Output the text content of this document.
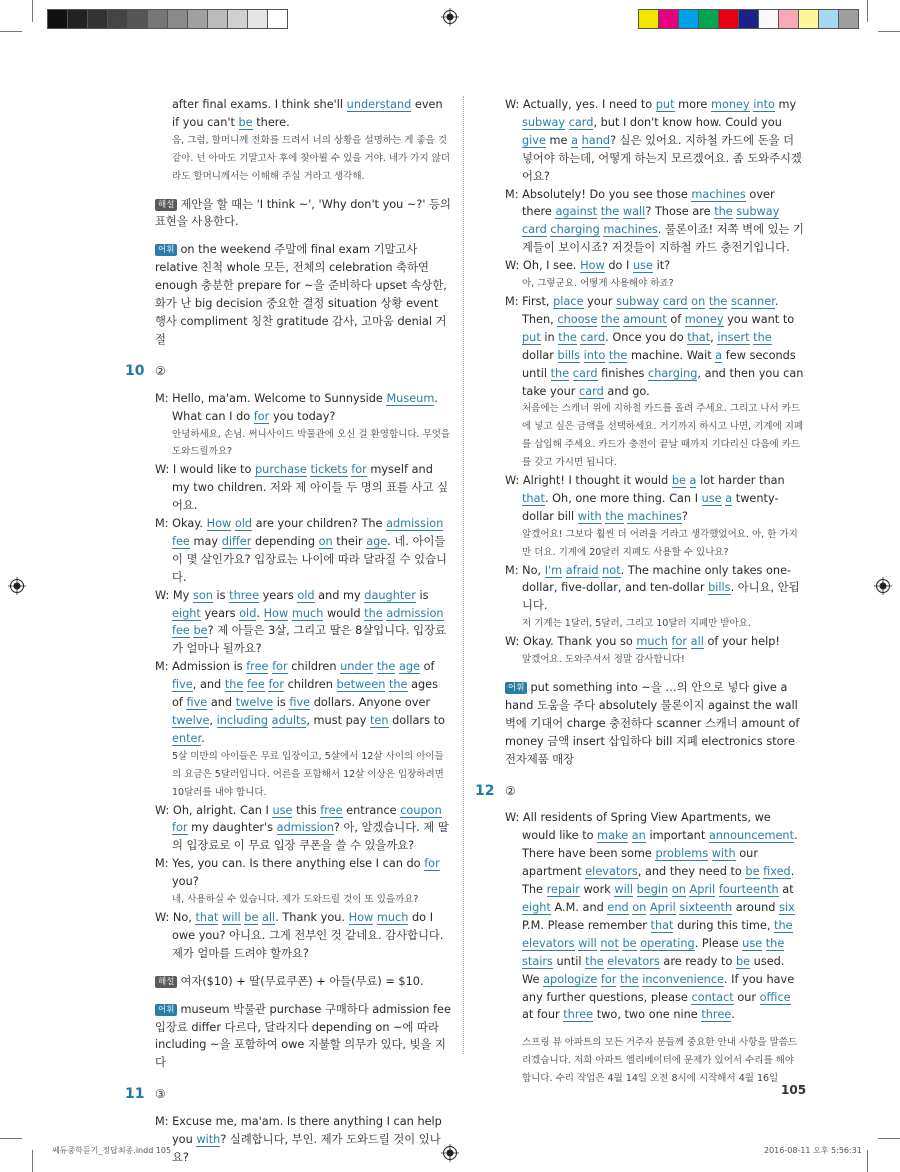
after final exams. I think she'll understand even if you can't be there.

음, 그럼, 할머니께 전화를 드려서 너의 상황을 설명하는 게 좋을 것 같아. 넌 아마도 기말고사 후에 찾아뵐 수 있을 거야. 네가 가지 않더라도 할머니께서는 이해해 주실 거라고 생각해.

해설 제안을 할 때는 'I think ~', 'Why don't you ~?' 등의 표현을 사용한다.

어휘 on the weekend 주말에 final exam 기말고사 relative 친척 whole 모든, 전체의 celebration 축하연 enough 충분한 prepare for ~을 준비하다 upset 속상한, 화가 난 big decision 중요한 결정 situation 상황 event 행사 compliment 칭찬 gratitude 감사, 고마움 denial 거절

10 ②

M: Hello, ma'am. Welcome to Sunnyside Museum. What can I do for you today?

안녕하세요, 손님. 써니사이드 박물관에 오신 걸 환영합니다. 무엇을 도와드릴까요?

W: I would like to purchase tickets for myself and my two children. 저와 제 아이들 두 명의 표를 사고 싶어요.

M: Okay. How old are your children? The admission fee may differ depending on their age. 네. 아이들이 몇 살인가요? 입장료는 나이에 따라 달라질 수 있습니다.

W: My son is three years old and my daughter is eight years old. How much would the admission fee be? 제 아들은 3살, 그리고 딸은 8살입니다. 입장료가 얼마나 될까요?

M: Admission is free for children under the age of five, and the fee for children between the ages of five and twelve is five dollars. Anyone over twelve, including adults, must pay ten dollars to enter.

5살 미만의 아이들은 무료 입장이고, 5살에서 12살 사이의 아이들의 요금은 5달러입니다. 어른을 포함해서 12살 이상은 입장하려면 10달러를 내야 합니다.

W: Oh, alright. Can I use this free entrance coupon for my daughter's admission? 아, 알겠습니다. 제 딸의 입장료로 이 무료 입장 쿠폰을 쓸 수 있을까요?

M: Yes, you can. Is there anything else I can do for you?

네, 사용하실 수 있습니다. 제가 도와드릴 것이 또 있을까요?

W: No, that will be all. Thank you. How much do I owe you? 아니요. 그게 전부인 것 같네요. 감사합니다. 제가 얼마를 드려야 할까요?

해설 여자($10) + 딸(무료쿠폰) + 아들(무료) = $10.

어휘 museum 박물관 purchase 구매하다 admission fee 입장료 differ 다르다, 달라지다 depending on ~에 따라 including ~을 포함하여 owe 지불할 의무가 있다, 빚을 지다

11 ③

M: Excuse me, ma'am. Is there anything I can help you with? 실례합니다, 부인. 제가 도와드릴 것이 있나요?

W: Actually, yes. I need to put more money into my subway card, but I don't know how. Could you give me a hand? 실은 있어요. 지하철 카드에 돈을 더 넣어야 하는데, 어떻게 하는지 모르겠어요. 좀 도와주시겠어요?

M: Absolutely! Do you see those machines over there against the wall? Those are the subway card charging machines. 물론이죠! 저쪽 벽에 있는 기계들이 보이시죠? 저것들이 지하철 카드 충전기입니다.

W: Oh, I see. How do I use it?

아, 그렇군요. 어떻게 사용해야 하죠?

M: First, place your subway card on the scanner. Then, choose the amount of money you want to put in the card. Once you do that, insert the dollar bills into the machine. Wait a few seconds until the card finishes charging, and then you can take your card and go.

처음에는 스캐너 위에 지하철 카드를 올려 주세요. 그리고 나서 카드에 넣고 싶은 금액을 선택하세요. 거기까지 하시고 나면, 기계에 지폐를 삽입해 주세요. 카드가 충전이 끝날 때까지 기다리신 다음에 카드를 갖고 가시면 됩니다.

W: Alright! I thought it would be a lot harder than that. Oh, one more thing. Can I use a twenty-dollar bill with the machines?

알겠어요! 그보다 훨씬 더 어려울 거라고 생각했었어요. 아, 한 가지만 더요. 기계에 20달러 지폐도 사용할 수 있나요?

M: No, I'm afraid not. The machine only takes one-dollar, five-dollar, and ten-dollar bills. 아니요, 안됩니다.

저 기계는 1달러, 5달러, 그리고 10달러 지폐만 받아요.

W: Okay. Thank you so much for all of your help!

알겠어요. 도와주셔서 정말 감사합니다!

어휘 put something into ~을 …의 안으로 넣다 give a hand 도움을 주다 absolutely 물론이지 against the wall 벽에 기대어 charge 충전하다 scanner 스캐너 amount of money 금액 insert 삽입하다 bill 지폐 electronics store 전자제품 매장

12 ②

W: All residents of Spring View Apartments, we would like to make an important announcement. There have been some problems with our apartment elevators, and they need to be fixed. The repair work will begin on April fourteenth at eight A.M. and end on April sixteenth around six P.M. Please remember that during this time, the elevators will not be operating. Please use the stairs until the elevators are ready to be used. We apologize for the inconvenience. If you have any further questions, please contact our office at four three two, two one nine three.

스프링 뷰 아파트의 모든 거주자 분들께 중요한 안내 사항을 말씀드리겠습니다. 저희 아파트 엘리베이터에 문제가 있어서 수리를 해야 합니다. 수리 작업은 4월 14일 오전 8시에 시작해서 4월 16일

105
쎄듀중학듣기_정답최종.indd 105	2016-08-11 오후 5:56:31
